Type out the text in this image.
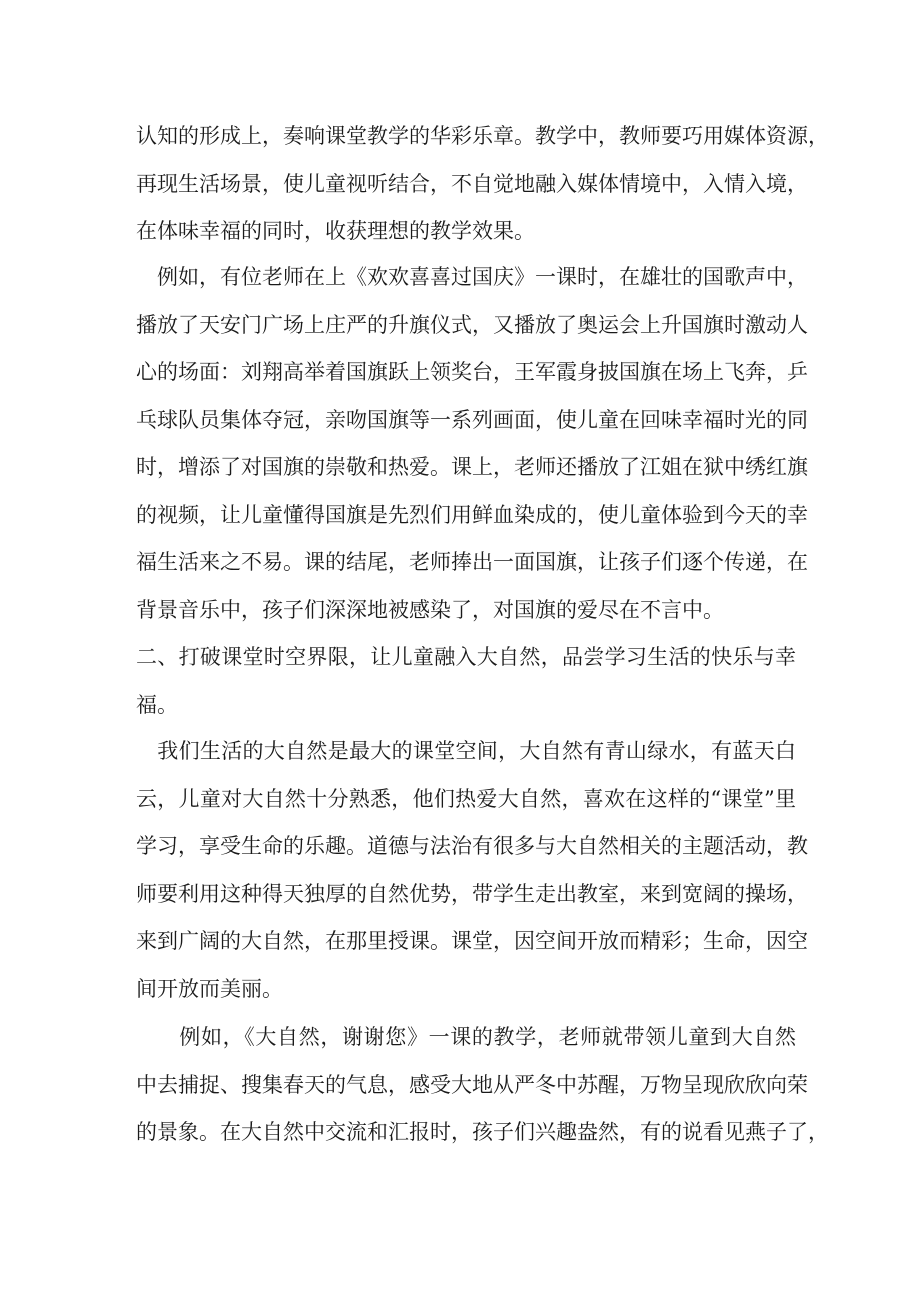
认知的形成上，奏响课堂教学的华彩乐章。教学中，教师要巧用媒体资源，
再现生活场景，使儿童视听结合，不自觉地融入媒体情境中，入情入境，
在体味幸福的同时，收获理想的教学效果。

　例如，有位老师在上《欢欢喜喜过国庆》一课时，在雄壮的国歌声中，
播放了天安门广场上庄严的升旗仪式，又播放了奥运会上升国旗时激动人
心的场面：刘翔高举着国旗跃上领奖台，王军霞身披国旗在场上飞奔，乒
乓球队员集体夺冠，亲吻国旗等一系列画面，使儿童在回味幸福时光的同
时，增添了对国旗的崇敬和热爱。课上，老师还播放了江姐在狱中绣红旗
的视频，让儿童懂得国旗是先烈们用鲜血染成的，使儿童体验到今天的幸
福生活来之不易。课的结尾，老师捧出一面国旗，让孩子们逐个传递，在
背景音乐中，孩子们深深地被感染了，对国旗的爱尽在不言中。

二、打破课堂时空界限，让儿童融入大自然，品尝学习生活的快乐与幸
福。

　我们生活的大自然是最大的课堂空间，大自然有青山绿水，有蓝天白
云，儿童对大自然十分熟悉，他们热爱大自然，喜欢在这样的“课堂”里
学习，享受生命的乐趣。道德与法治有很多与大自然相关的主题活动，教
师要利用这种得天独厚的自然优势，带学生走出教室，来到宽阔的操场，
来到广阔的大自然，在那里授课。课堂，因空间开放而精彩；生命，因空
间开放而美丽。

　　例如，《大自然，谢谢您》一课的教学，老师就带领儿童到大自然
中去捕捉、搜集春天的气息，感受大地从严冬中苏醒，万物呈现欣欣向荣
的景象。在大自然中交流和汇报时，孩子们兴趣盎然，有的说看见燕子了，
